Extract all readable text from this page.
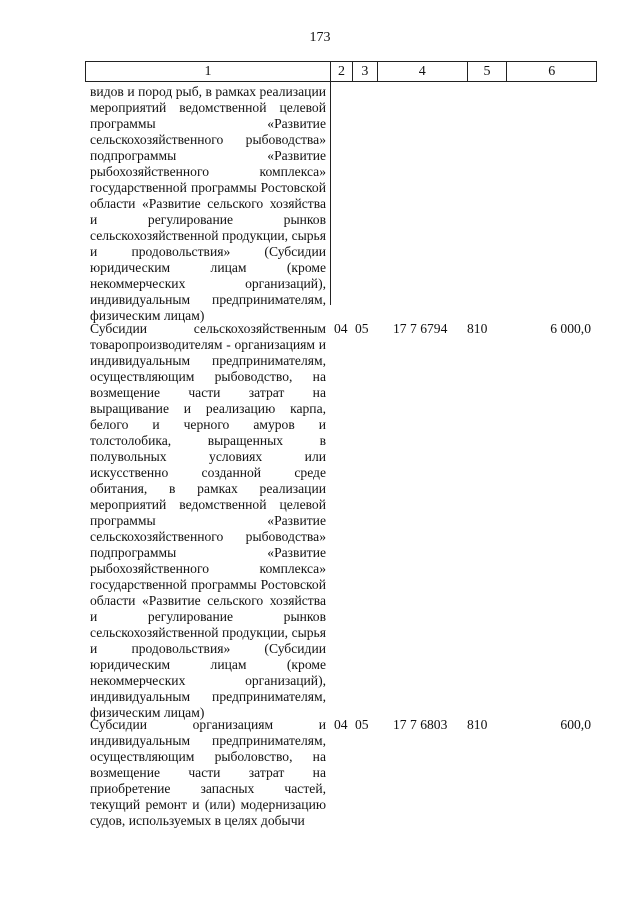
173
1	2	3	4	5	6
видов и пород рыб, в рамках реализации мероприятий ведомственной целевой программы «Развитие сельскохозяйственного рыбоводства» подпрограммы «Развитие рыбохозяйственного комплекса» государственной программы Ростовской области «Развитие сельского хозяйства и регулирование рынков сельскохозяйственной продукции, сырья и продовольствия» (Субсидии юридическим лицам (кроме некоммерческих организаций), индивидуальным предпринимателям, физическим лицам)
Субсидии сельскохозяйственным товаропроизводителям - организациям и индивидуальным предпринимателям, осуществляющим рыбоводство, на возмещение части затрат на выращивание и реализацию карпа, белого и черного амуров и толстолобика, выращенных в полувольных условиях или искусственно созданной среде обитания, в рамках реализации мероприятий ведомственной целевой программы «Развитие сельскохозяйственного рыбоводства» подпрограммы «Развитие рыбохозяйственного комплекса» государственной программы Ростовской области «Развитие сельского хозяйства и регулирование рынков сельскохозяйственной продукции, сырья и продовольствия» (Субсидии юридическим лицам (кроме некоммерческих организаций), индивидуальным предпринимателям, физическим лицам)
04 05	17 7 6794	810	6 000,0
Субсидии организациям и индивидуальным предпринимателям, осуществляющим рыболовство, на возмещение части затрат на приобретение запасных частей, текущий ремонт и (или) модернизацию судов, используемых в целях добычи
04 05	17 7 6803	810	600,0
